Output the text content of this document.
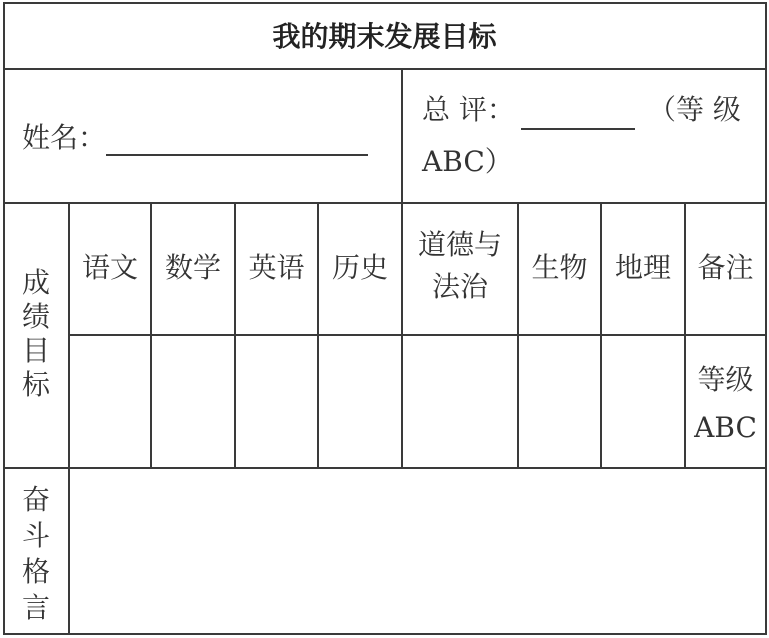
我的期末发展目标
姓名：
总 评：	（等 级
ABC）
成绩目标
语文 数学 英语 历史
道德与
法治
生物 地理 备注
等级
ABC
奋斗格言
